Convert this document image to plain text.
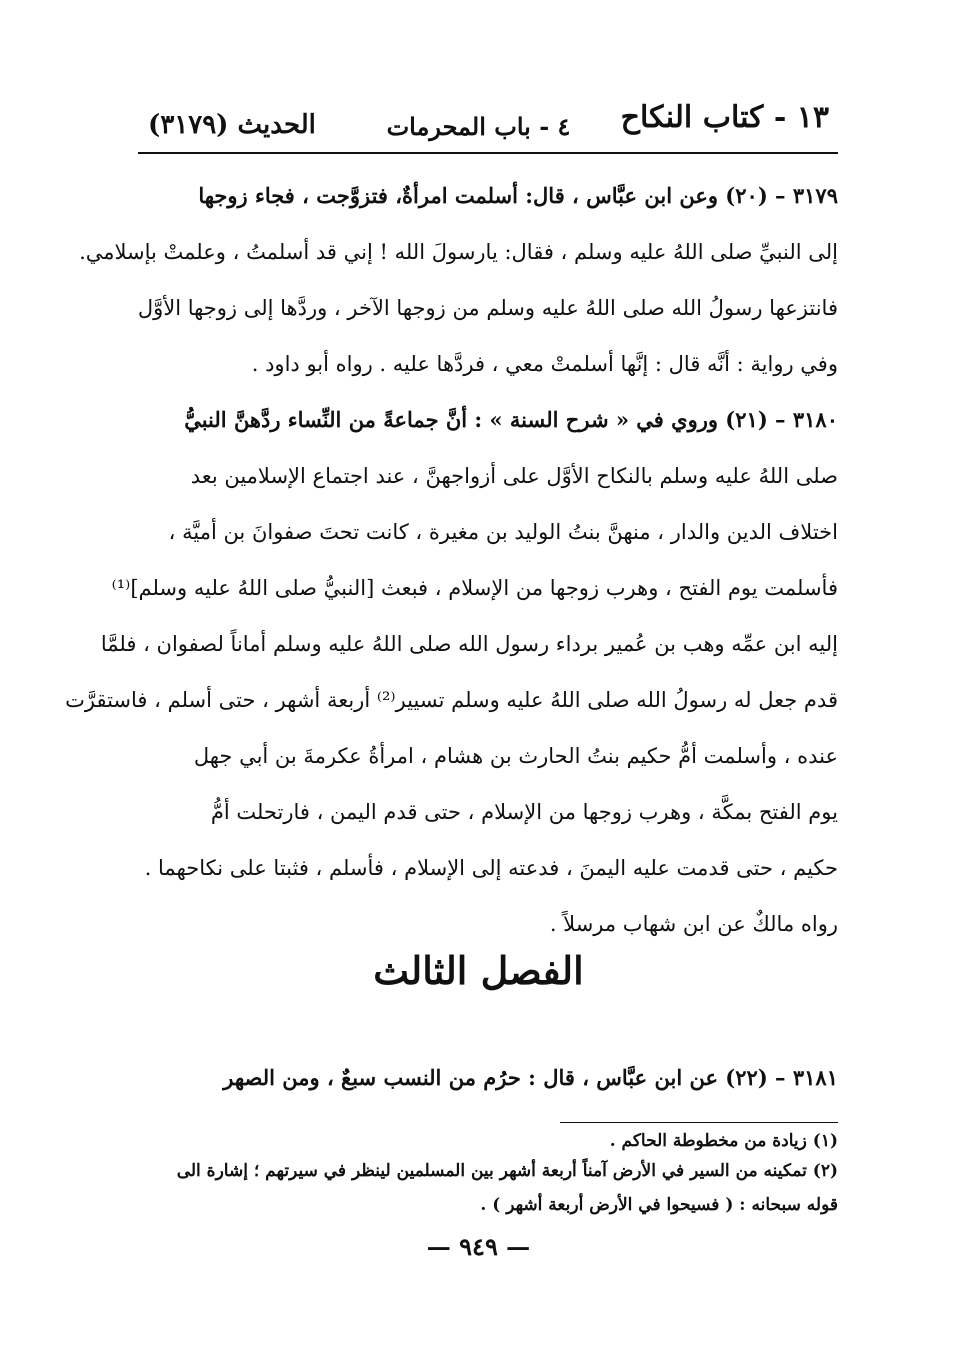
١٣ - كتاب النكاح
٤ - باب المحرمات
الحديث (٣١٧٩)
٣١٧٩ – (٢٠) وعن ابن عبَّاس ، قال: أسلمت امرأةٌ، فتزوَّجت ، فجاء زوجها
إلى النبيِّ صلى اللهُ عليه وسلم ، فقال: يارسولَ الله ! إني قد أسلمتُ ، وعلمتْ بإسلامي.
فانتزعها رسولُ الله صلى اللهُ عليه وسلم من زوجها الآخر ، وردَّها إلى زوجها الأوَّل
وفي رواية : أنَّه قال : إنَّها أسلمتْ معي ، فردَّها عليه . رواه أبو داود .
٣١٨٠ – (٢١) وروي في « شرح السنة » : أنَّ جماعةً من النِّساء ردَّهنَّ النبيُّ
صلى اللهُ عليه وسلم بالنكاح الأوَّل على أزواجهنَّ ، عند اجتماع الإسلامين بعد
اختلاف الدين والدار ، منهنَّ بنتُ الوليد بن مغيرة ، كانت تحتَ صفوانَ بن أميَّة ،
فأسلمت يوم الفتح ، وهرب زوجها من الإسلام ، فبعث [النبيُّ صلى اللهُ عليه وسلم]⁽¹⁾
إليه ابن عمِّه وهب بن عُمير برداء رسول الله صلى اللهُ عليه وسلم أماناً لصفوان ، فلمَّا
قدم جعل له رسولُ الله صلى اللهُ عليه وسلم تسيير⁽²⁾ أربعة أشهر ، حتى أسلم ، فاستقرَّت
عنده ، وأسلمت أمُّ حكيم بنتُ الحارث بن هشام ، امرأةُ عكرمةَ بن أبي جهل
يوم الفتح بمكَّة ، وهرب زوجها من الإسلام ، حتى قدم اليمن ، فارتحلت أمُّ
حكيم ، حتى قدمت عليه اليمنَ ، فدعته إلى الإسلام ، فأسلم ، فثبتا على نكاحهما .
رواه مالكٌ عن ابن شهاب مرسلاً .
الفصل الثالث
٣١٨١ – (٢٢) عن ابن عبَّاس ، قال : حرُم من النسب سبعٌ ، ومن الصهر
(١) زيادة من مخطوطة الحاكم .
(٢) تمكينه من السير في الأرض آمناً أربعة أشهر بين المسلمين لينظر في سيرتهم ؛ إشارة الى
قوله سبحانه : ( فسيحوا في الأرض أربعة أشهر ) .
— ٩٤٩ —
